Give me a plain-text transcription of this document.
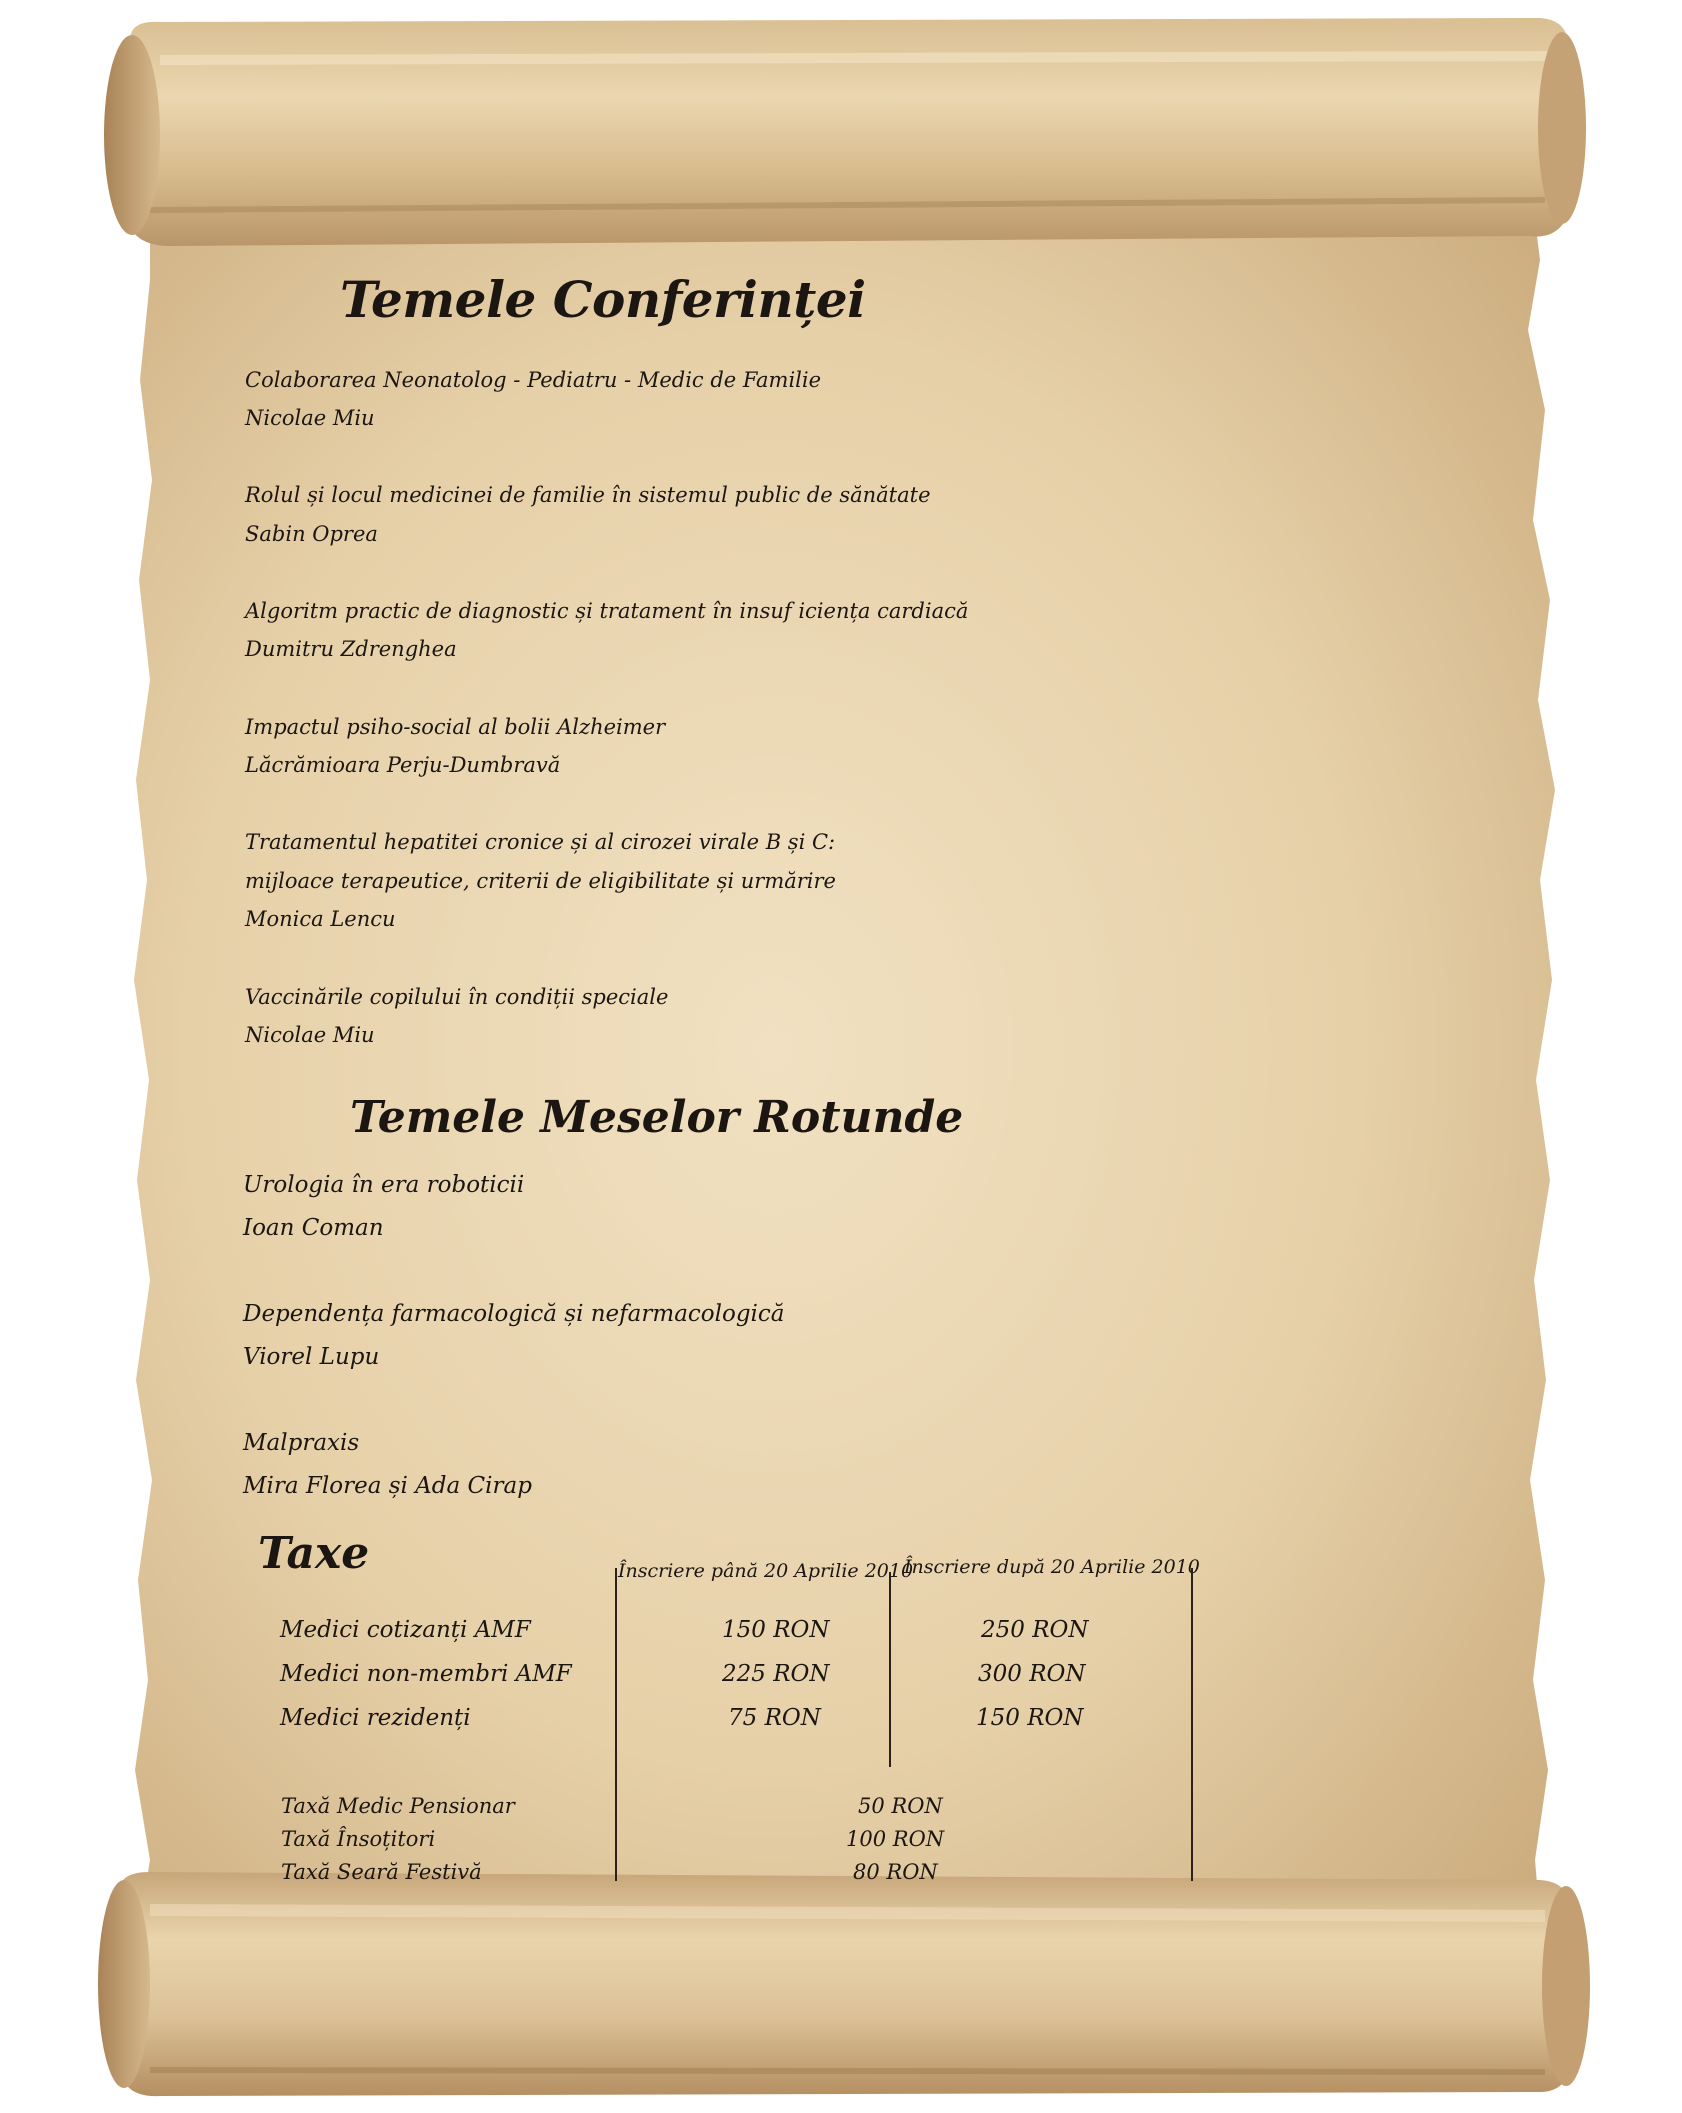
Temele Conferinței
Colaborarea Neonatolog - Pediatru - Medic de Familie
Nicolae Miu
Rolul și locul medicinei de familie în sistemul public de sănătate
Sabin Oprea
Algoritm practic de diagnostic și tratament în insuf iciența cardiacă
Dumitru Zdrenghea
Impactul psiho-social al bolii Alzheimer
Lăcrămioara Perju-Dumbravă
Tratamentul hepatitei cronice și al cirozei virale B și C:
mijloace terapeutice, criterii de eligibilitate și urmărire
Monica Lencu
Vaccinările copilului în condiții speciale
Nicolae Miu
Temele Meselor Rotunde
Urologia în era roboticii
Ioan Coman
Dependența farmacologică și nefarmacologică
Viorel Lupu
Malpraxis
Mira Florea și Ada Cirap
Taxe	Înscriere până 20 Aprilie 2010
Înscriere după 20 Aprilie 2010
Medici cotizanți AMF	150 RON	250 RON
Medici non-membri AMF	225 RON	300 RON
Medici rezidenți	75 RON	150 RON
Taxă Medic Pensionar	50 RON
Taxă Însoțitori	100 RON
Taxă Seară Festivă	80 RON
